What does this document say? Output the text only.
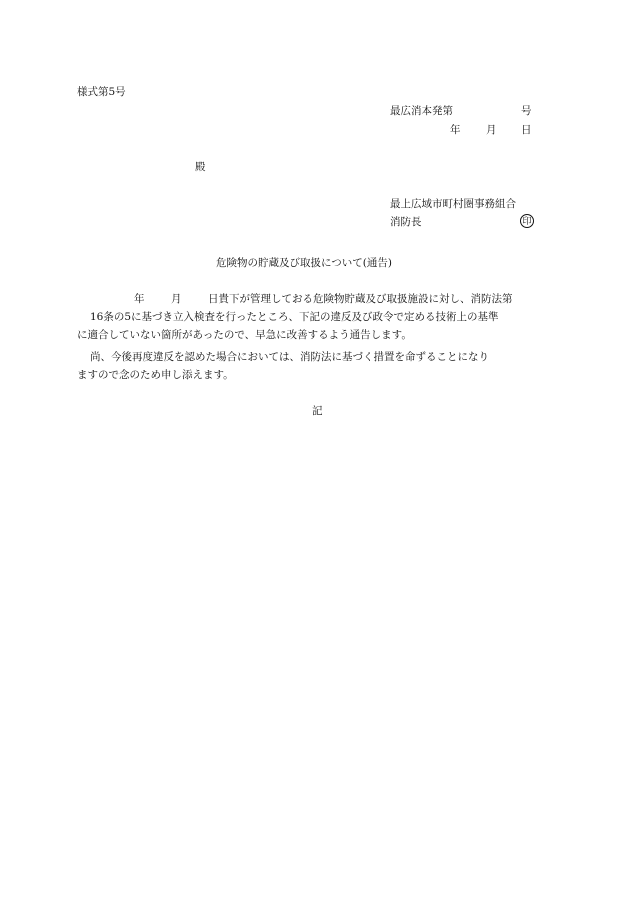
様式第5号
最広消本発第	号
年 月 日
殿
最上広域市町村圏事務組合
消防長	印
危険物の貯蔵及び取扱について(通告)
年	月	日貴下が管理しておる危険物貯蔵及び取扱施設に対し、消防法第
16条の5に基づき立入検査を行ったところ、下記の違反及び政令で定める技術上の基準
に適合していない箇所があったので、早急に改善するよう通告します。
尚、今後再度違反を認めた場合においては、消防法に基づく措置を命ずることになり
ますので念のため申し添えます。
記
